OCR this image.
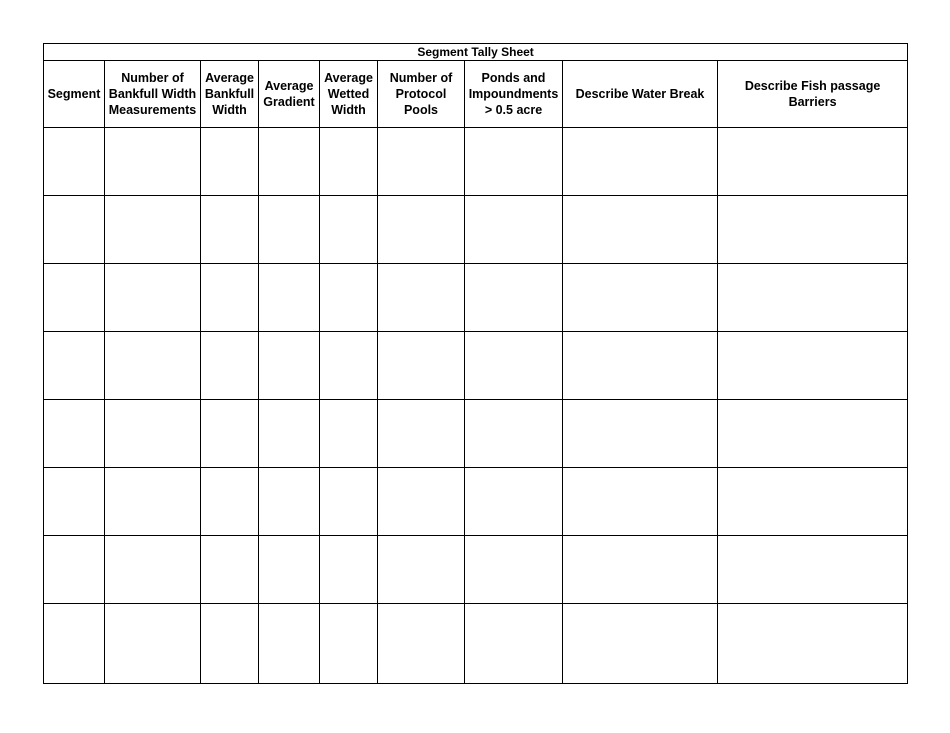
Segment Tally Sheet								
Segment	Number of Bankfull Width Measurements	Average Bankfull Width	Average Gradient	Average Wetted Width	Number of Protocol Pools	Ponds and Impoundments > 0.5 acre	Describe Water Break	Describe Fish passage Barriers
